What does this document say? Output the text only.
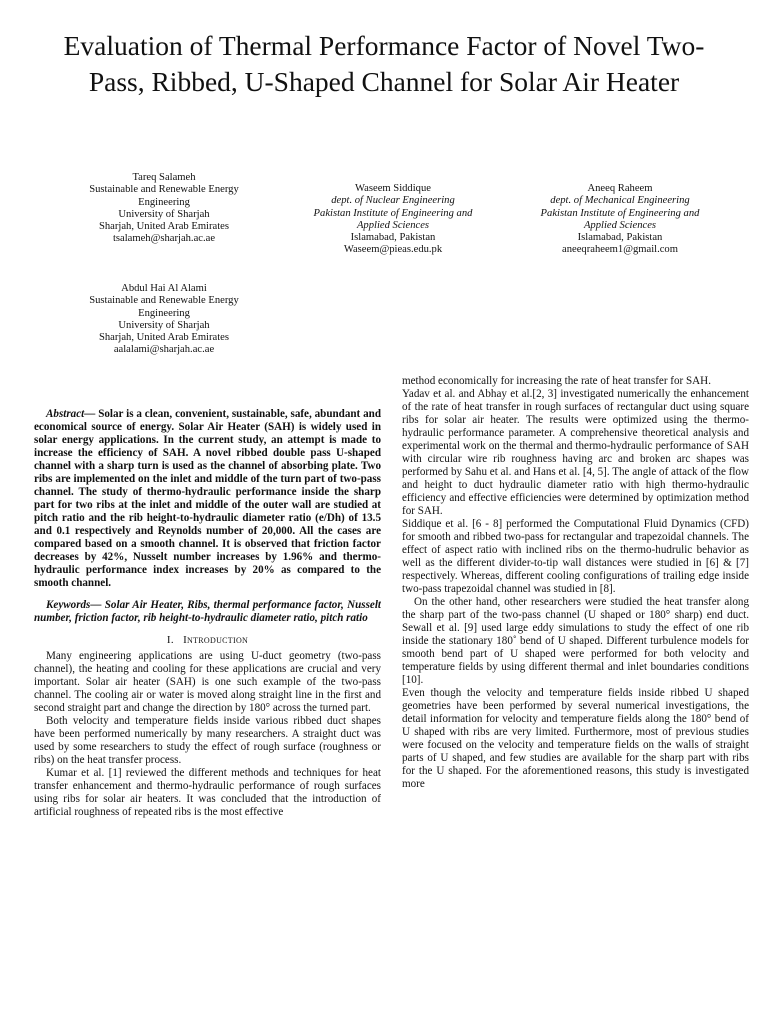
Evaluation of Thermal Performance Factor of Novel Two-Pass, Ribbed, U-Shaped Channel for Solar Air Heater
Tareq Salameh
Sustainable and Renewable Energy
Engineering
University of Sharjah
Sharjah, United Arab Emirates
tsalameh@sharjah.ac.ae
Waseem Siddique
dept. of Nuclear Engineering
Pakistan Institute of Engineering and
Applied Sciences
Islamabad, Pakistan
Waseem@pieas.edu.pk
Aneeq Raheem
dept. of Mechanical Engineering
Pakistan Institute of Engineering and
Applied Sciences
Islamabad, Pakistan
aneeqraheem1@gmail.com
Abdul Hai Al Alami
Sustainable and Renewable Energy
Engineering
University of Sharjah
Sharjah, United Arab Emirates
aalalami@sharjah.ac.ae

Abstract— Solar is a clean, convenient, sustainable, safe, abundant and economical source of energy. Solar Air Heater (SAH) is widely used in solar energy applications. In the current study, an attempt is made to increase the efficiency of SAH. A novel ribbed double pass U-shaped channel with a sharp turn is used as the channel of absorbing plate. Two ribs are implemented on the inlet and middle of the turn part of two-pass channel. The study of thermo-hydraulic performance inside the sharp part for two ribs at the inlet and middle of the outer wall are studied at pitch ratio and the rib height-to-hydraulic diameter ratio (e/Dh) of 13.5 and 0.1 respectively and Reynolds number of 20,000. All the cases are compared based on a smooth channel. It is observed that friction factor decreases by 42%, Nusselt number increases by 1.96% and thermo-hydraulic performance index increases by 20% as compared to the smooth channel.

Keywords— Solar Air Heater, Ribs, thermal performance factor, Nusselt number, friction factor, rib height-to-hydraulic diameter ratio, pitch ratio

I. Introduction

Many engineering applications are using U-duct geometry (two-pass channel), the heating and cooling for these applications are crucial and very important. Solar air heater (SAH) is one such example of the two-pass channel. The cooling air or water is moved along straight line in the first and second straight part and change the direction by 180° across the turned part.

Both velocity and temperature fields inside various ribbed duct shapes have been performed numerically by many researchers. A straight duct was used by some researchers to study the effect of rough surface (roughness or ribs) on the heat transfer process.

Kumar et al. [1] reviewed the different methods and techniques for heat transfer enhancement and thermo-hydraulic performance of rough surfaces using ribs for solar air heaters. It was concluded that the introduction of artificial roughness of repeated ribs is the most effective

method economically for increasing the rate of heat transfer for SAH.

Yadav et al. and Abhay et al.[2, 3] investigated numerically the enhancement of the rate of heat transfer in rough surfaces of rectangular duct using square ribs for solar air heater. The results were optimized using the thermo-hydraulic performance parameter. A comprehensive theoretical analysis and experimental work on the thermal and thermo-hydraulic performance of SAH with circular wire rib roughness having arc and broken arc shapes was performed by Sahu et al. and Hans et al. [4, 5]. The angle of attack of the flow and height to duct hydraulic diameter ratio with high thermo-hydraulic efficiency and effective efficiencies were determined by optimization method for SAH.

Siddique et al. [6 - 8] performed the Computational Fluid Dynamics (CFD) for smooth and ribbed two-pass for rectangular and trapezoidal channels. The effect of aspect ratio with inclined ribs on the thermo-hudrulic behavior as well as the different divider-to-tip wall distances were studied in [6] & [7] respectively. Whereas, different cooling configurations of trailing edge inside two-pass trapezoidal channel was studied in [8].

On the other hand, other researchers were studied the heat transfer along the sharp part of the two-pass channel (U shaped or 180° sharp) end duct. Sewall et al. [9] used large eddy simulations to study the effect of one rib inside the stationary 180˚ bend of U shaped. Different turbulence models for smooth bend part of U shaped were performed for both velocity and temperature fields by using different thermal and inlet boundaries conditions [10].

Even though the velocity and temperature fields inside ribbed U shaped geometries have been performed by several numerical investigations, the detail information for velocity and temperature fields along the 180° bend of U shaped with ribs are very limited. Furthermore, most of previous studies were focused on the velocity and temperature fields on the walls of straight parts of U shaped, and few studies are available for the sharp part with ribs for the U shaped. For the aforementioned reasons, this study is investigated more
